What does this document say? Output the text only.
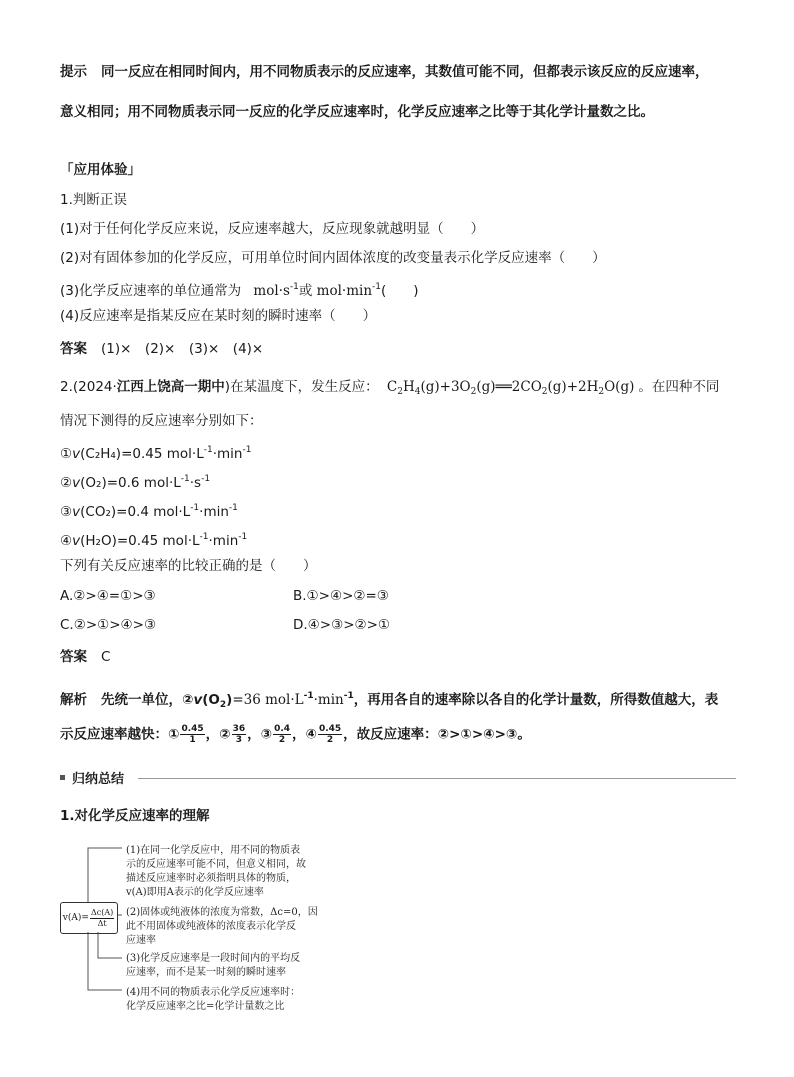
提示 同一反应在相同时间内，用不同物质表示的反应速率，其数值可能不同，但都表示该反应的反应速率，
意义相同；用不同物质表示同一反应的化学反应速率时，化学反应速率之比等于其化学计量数之比。
「应用体验」
1.判断正误
(1)对于任何化学反应来说，反应速率越大，反应现象就越明显（　　）
(2)对有固体参加的化学反应，可用单位时间内固体浓度的改变量表示化学反应速率（　　）
(3)化学反应速率的单位通常为 $mol\cdot s^{-1}$或 $mol\cdot\min^{-1}$(　　)
(4)反应速率是指某反应在某时刻的瞬时速率（　　）
答案 (1)×　(2)×　(3)×　(4)×
2.(2024·江西上饶高一期中)在某温度下，发生反应： $C_2H_4(g)+3O_2(g)══2CO_2(g)+2H_2O(g)$ 。在四种不同
情况下测得的反应速率分别如下：
①v(C₂H₄)=0.45 $mol\cdot L^{-1}\cdot\min^{-1}$
②v(O₂)=0.6 $mol\cdot L^{-1}\cdot s^{-1}$
③v(CO₂)=0.4 $mol\cdot L^{-1}\cdot\min^{-1}$
④v(H₂O)=0.45 $mol\cdot L^{-1}\cdot\min^{-1}$
下列有关反应速率的比较正确的是（　　）
A.②>④=①>③	B.①>④>②=③
C.②>①>④>③	D.④>③>②>①
答案 C
解析 先统一单位，$②v(O_2)=36$ $mol\cdot L^{-1}\cdot\min^{-1}$，再用各自的速率除以各自的化学计量数，所得数值越大，表
示反应速率越快：① $\frac{0.45}{1}$ ，② $\frac{36}{3}$ ，③ $\frac{0.4}{2}$ ，④ $\frac{0.45}{2}$ ，故反应速率：②>①>④>③。
归纳总结
1.对化学反应速率的理解
$v(A)= \frac{\Delta c(A)}{\Delta t}$
(1)在同一化学反应中，用不同的物质表
示的反应速率可能不同，但意义相同，故
描述反应速率时必须指明具体的物质，
v(A)即用A表示的化学反应速率
(2)固体或纯液体的浓度为常数，Δc=0，因
此不用固体或纯液体的浓度表示化学反
应速率
(3)化学反应速率是一段时间内的平均反
应速率，而不是某一时刻的瞬时速率
(4)用不同的物质表示化学反应速率时：
化学反应速率之比=化学计量数之比
